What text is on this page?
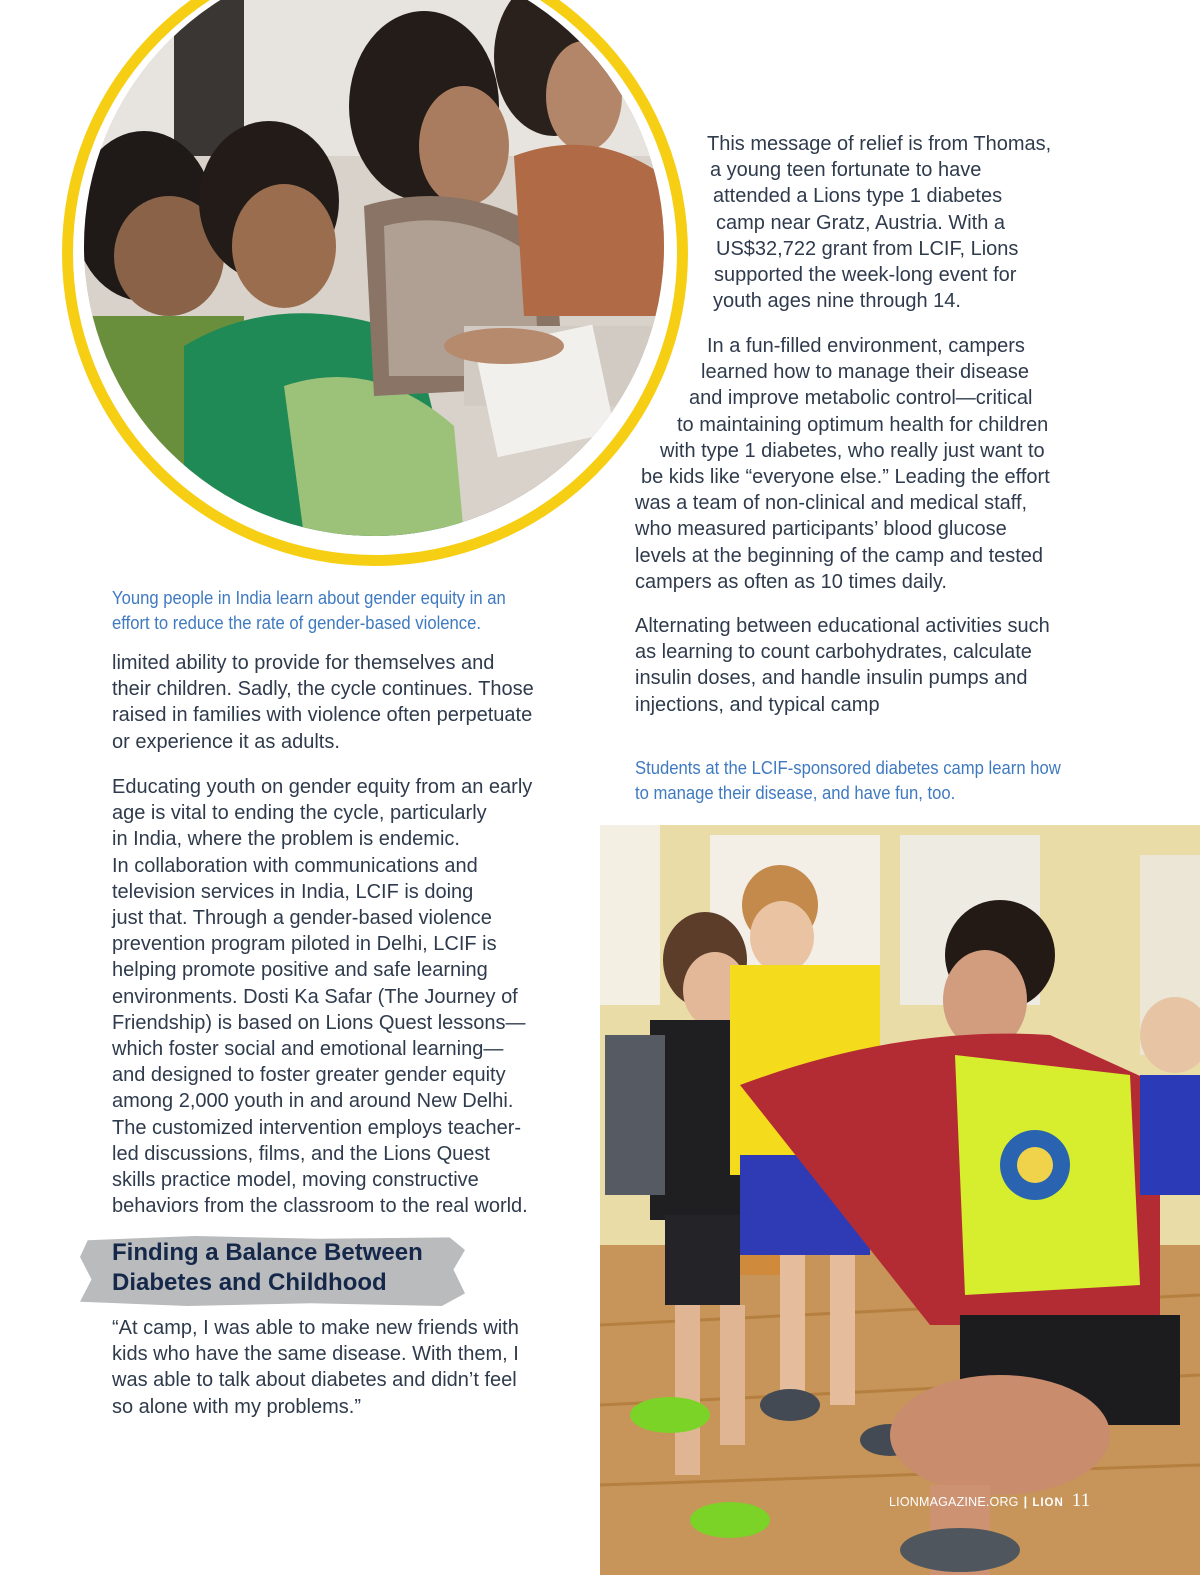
Young people in India learn about gender equity in an
effort to reduce the rate of gender-based violence.

limited ability to provide for themselves and

their children. Sadly, the cycle continues. Those

raised in families with violence often perpetuate

or experience it as adults.

Educating youth on gender equity from an early

age is vital to ending the cycle, particularly

in India, where the problem is endemic.

In collaboration with communications and

television services in India, LCIF is doing

just that. Through a gender-based violence

prevention program piloted in Delhi, LCIF is

helping promote positive and safe learning

environments. Dosti Ka Safar (The Journey of

Friendship) is based on Lions Quest lessons—

which foster social and emotional learning—

and designed to foster greater gender equity

among 2,000 youth in and around New Delhi.

The customized intervention employs teacher-

led discussions, films, and the Lions Quest

skills practice model, moving constructive

behaviors from the classroom to the real world.

Finding a Balance Between
Diabetes and Childhood

“At camp, I was able to make new friends with

kids who have the same disease. With them, I

was able to talk about diabetes and didn’t feel

so alone with my problems.”

This message of relief is from Thomas,

a young teen fortunate to have

attended a Lions type 1 diabetes

camp near Gratz, Austria. With a

US$32,722 grant from LCIF, Lions

supported the week-long event for

youth ages nine through 14.

In a fun-filled environment, campers

learned how to manage their disease

and improve metabolic control—critical

to maintaining optimum health for children

with type 1 diabetes, who really just want to

be kids like “everyone else.” Leading the effort

was a team of non-clinical and medical staff,

who measured participants’ blood glucose

levels at the beginning of the camp and tested

campers as often as 10 times daily.

Alternating between educational activities such

as learning to count carbohydrates, calculate

insulin doses, and handle insulin pumps and

injections, and typical camp

Students at the LCIF-sponsored diabetes camp learn how
to manage their disease, and have fun, too.
LIONMAGAZINE.ORG | LION 11
